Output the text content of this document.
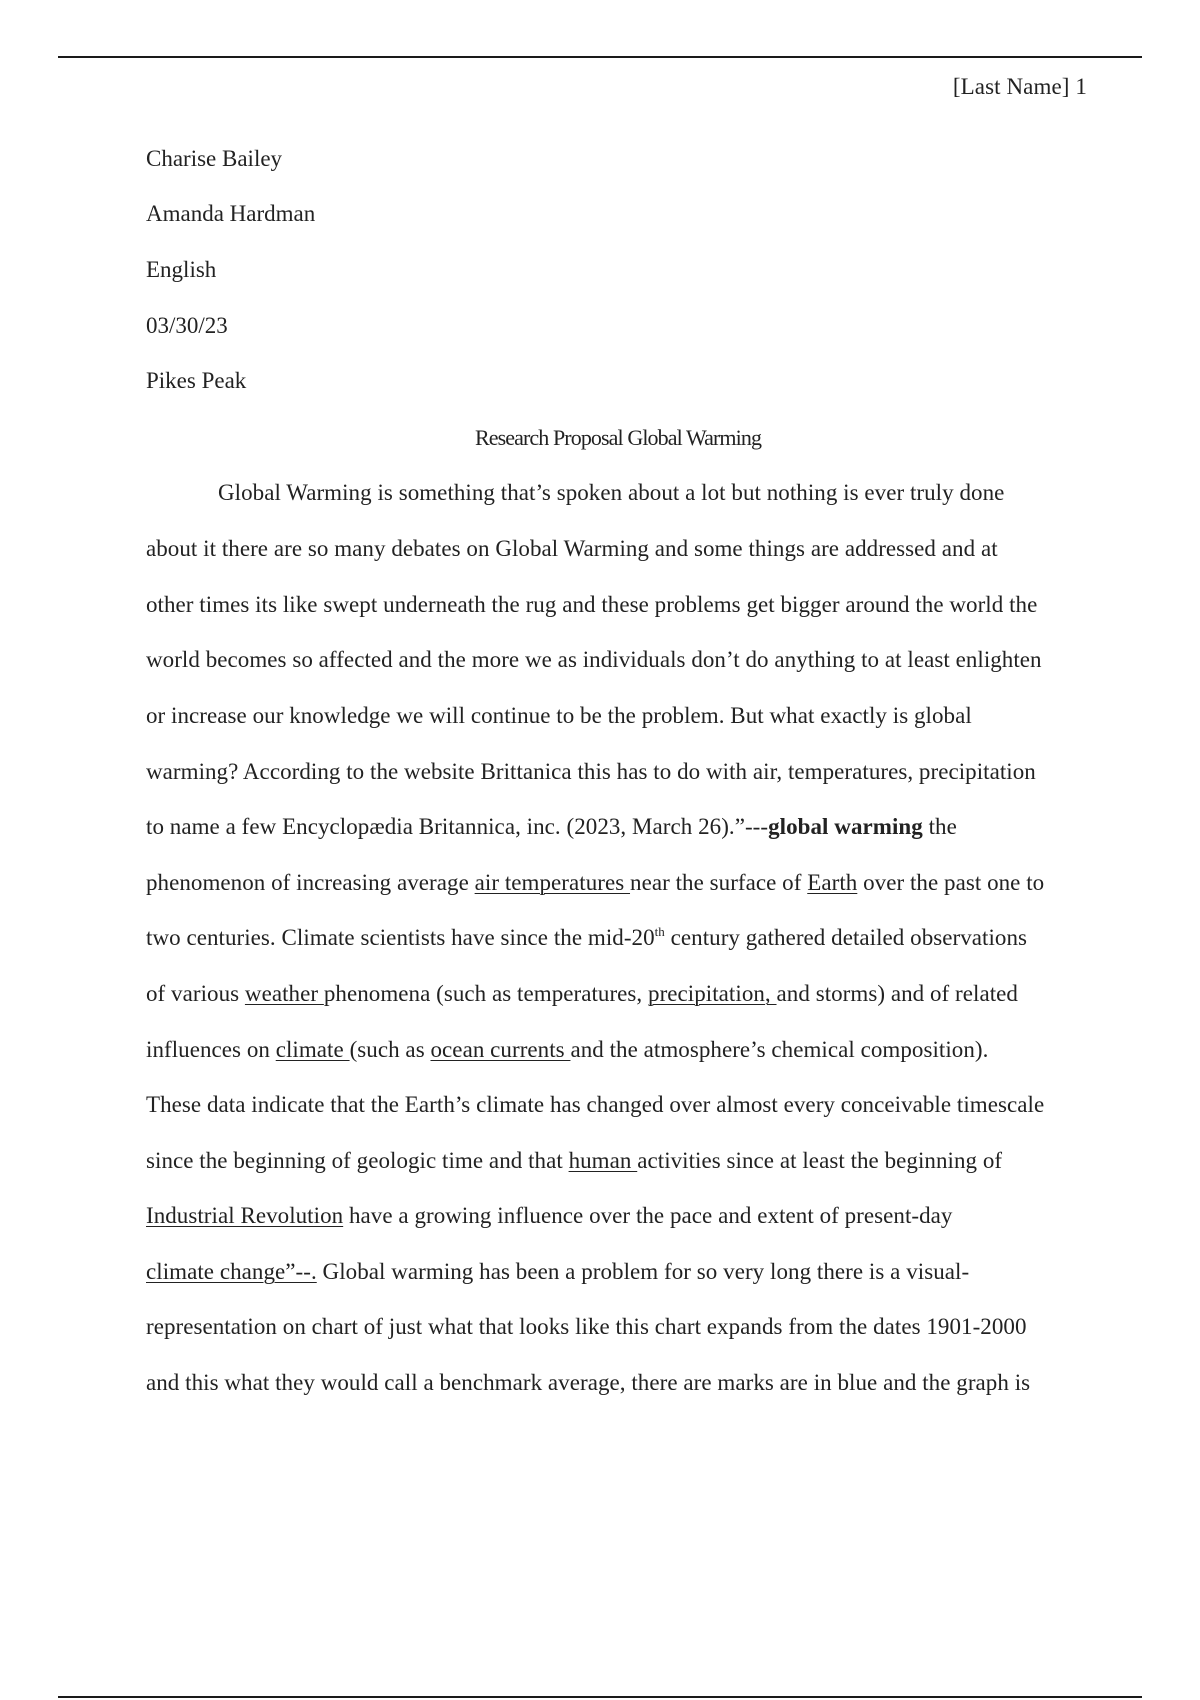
[Last Name] 1
Charise Bailey
Amanda Hardman
English
03/30/23
Pikes Peak
Research Proposal Global Warming
Global Warming is something that’s spoken about a lot but nothing is ever truly done
about it there are so many debates on Global Warming and some things are addressed and at
other times its like swept underneath the rug and these problems get bigger around the world the
world becomes so affected and the more we as individuals don’t do anything to at least enlighten
or increase our knowledge we will continue to be the problem. But what exactly is global
warming? According to the website Brittanica this has to do with air, temperatures, precipitation
to name a few Encyclopædia Britannica, inc. (2023, March 26).”---global warming the
phenomenon of increasing average air temperatures near the surface of Earth over the past one to
two centuries. Climate scientists have since the mid-20th century gathered detailed observations
of various weather phenomena (such as temperatures, precipitation, and storms) and of related
influences on climate (such as ocean currents and the atmosphere’s chemical composition).
These data indicate that the Earth’s climate has changed over almost every conceivable timescale
since the beginning of geologic time and that human activities since at least the beginning of
Industrial Revolution have a growing influence over the pace and extent of present-day
climate change”--. Global warming has been a problem for so very long there is a visual-
representation on chart of just what that looks like this chart expands from the dates 1901-2000
and this what they would call a benchmark average, there are marks are in blue and the graph is
